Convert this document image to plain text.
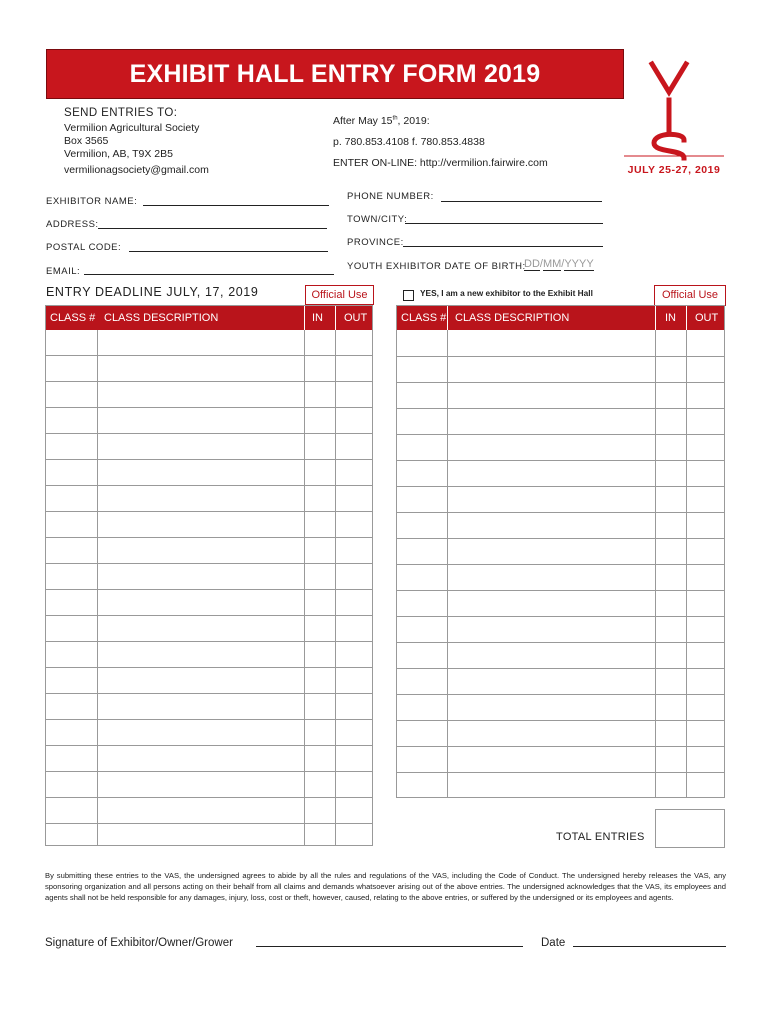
EXHIBIT HALL ENTRY FORM 2019
JULY 25-27, 2019
SEND ENTRIES TO:
Vermilion Agricultural Society
Box 3565
Vermilion, AB, T9X 2B5
vermilionagsociety@gmail.com
After May 15th, 2019:
p. 780.853.4108 f. 780.853.4838
ENTER ON-LINE: http://vermilion.fairwire.com
EXHIBITOR NAME:
ADDRESS:
POSTAL CODE:
EMAIL:
PHONE NUMBER:
TOWN/CITY:
PROVINCE:
YOUTH EXHIBITOR DATE OF BIRTH:
DD/MM/YYYY
ENTRY DEADLINE JULY, 17, 2019	Official Use	YES, I am a new exhibitor to the Exhibit Hall	Official Use
CLASS # CLASS DESCRIPTION	IN OUT	CLASS # CLASS DESCRIPTION	IN OUT
TOTAL ENTRIES
By submitting these entries to the VAS, the undersigned agrees to abide by all the rules and regulations of the VAS, including the Code of Conduct. The undersigned hereby releases the VAS, any sponsoring organization and all persons acting on their behalf from all claims and demands whatsoever arising out of the above entries. The undersigned acknowledges that the VAS, its employees and agents shall not be held responsible for any damages, injury, loss, cost or theft, however, caused, relating to the above entries, or suffered by the undersigned or its employees and agents.
Signature of Exhibitor/Owner/Grower	Date
